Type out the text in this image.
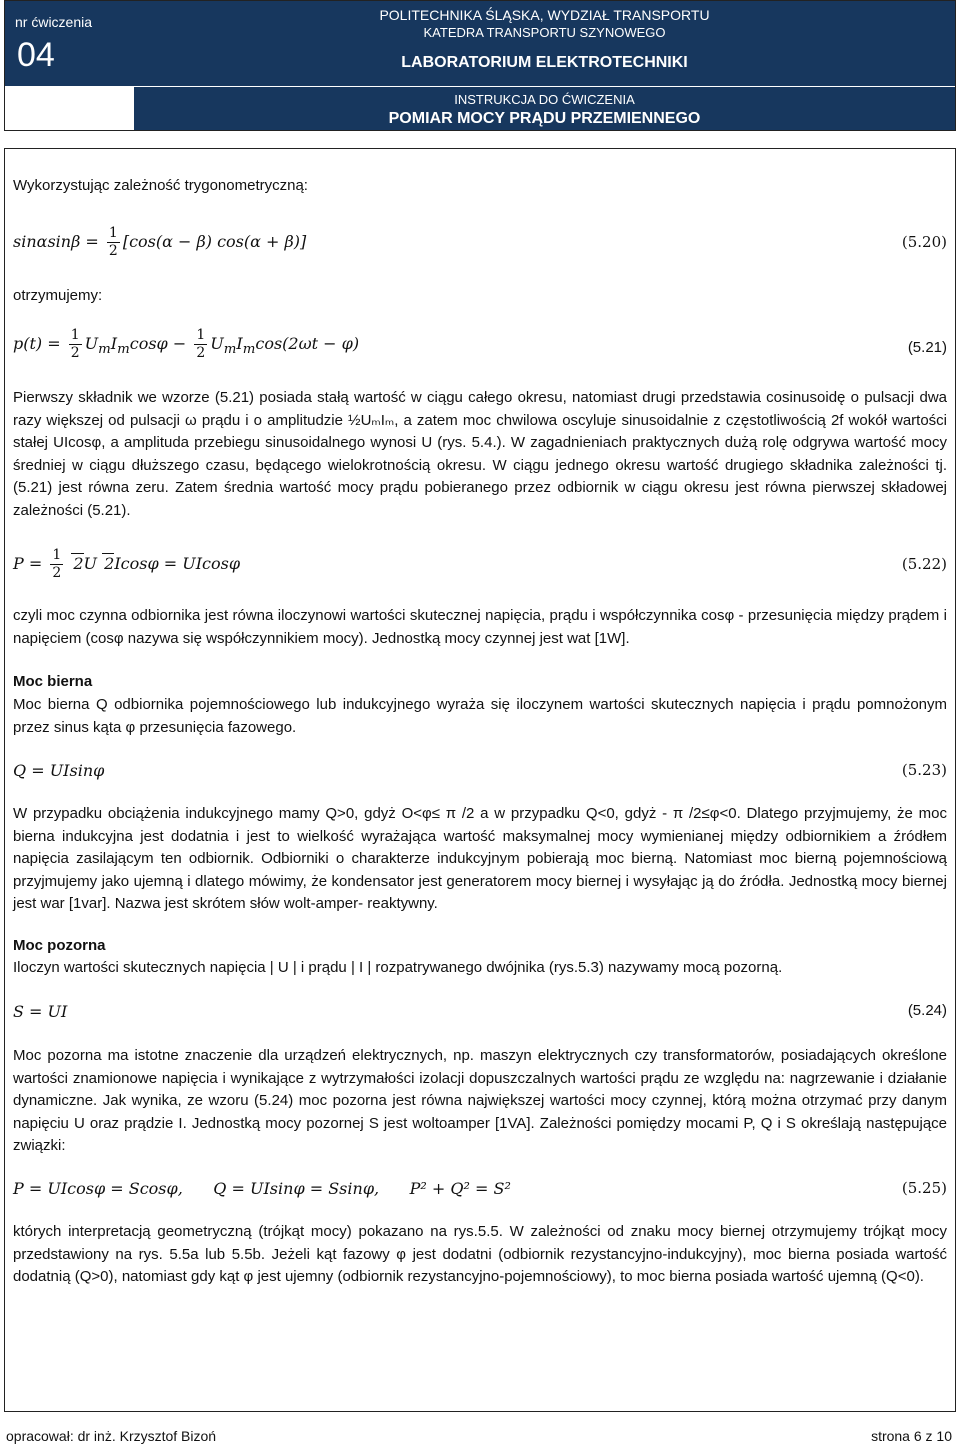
nr ćwiczenia
04
POLITECHNIKA ŚLĄSKA, WYDZIAŁ TRANSPORTU
KATEDRA TRANSPORTU SZYNOWEGO
LABORATORIUM ELEKTROTECHNIKI
INSTRUKCJA DO ĆWICZENIA
POMIAR MOCY PRĄDU PRZEMIENNEGO
Wykorzystując zależność trygonometryczną:
$\sin\alpha\sin\beta = \frac{1}{2} [\cos(\alpha - \beta) \cos(\alpha + \beta)]$	(5.20)
otrzymujemy:
$p(t) = \frac{1}{2} U_mI_m\cos\varphi - \frac{1}{2} U_mI_m\cos(2\omega t - \varphi)$	(5.21)
Pierwszy składnik we wzorze (5.21) posiada stałą wartość w ciągu całego okresu, natomiast drugi przedstawia cosinusoidę o pulsacji dwa razy większej od pulsacji ω prądu i o amplitudzie ½UₘIₘ, a zatem moc chwilowa oscyluje sinusoidalnie z częstotliwością 2f wokół wartości stałej UIcosφ, a amplituda przebiegu sinusoidalnego wynosi U (rys. 5.4.). W zagadnieniach praktycznych dużą rolę odgrywa wartość mocy średniej w ciągu dłuższego czasu, będącego wielokrotnością okresu. W ciągu jednego okresu wartość drugiego składnika zależności tj. (5.21) jest równa zeru. Zatem średnia wartość mocy prądu pobieranego przez odbiornik w ciągu okresu jest równa pierwszej składowej zależności (5.21).
$P = \frac{1}{2} 2U$ 2Icosφ = UIcosφ	(5.22)
czyli moc czynna odbiornika jest równa iloczynowi wartości skutecznej napięcia, prądu i współczynnika cosφ - przesunięcia między prądem i napięciem (cosφ nazywa się współczynnikiem mocy). Jednostką mocy czynnej jest wat [1W].
Moc bierna
Moc bierna Q odbiornika pojemnościowego lub indukcyjnego wyraża się iloczynem wartości skutecznych napięcia i prądu pomnożonym przez sinus kąta φ przesunięcia fazowego.
Q = UIsinφ	(5.23)
W przypadku obciążenia indukcyjnego mamy Q>0, gdyż O<φ≤ π /2 a w przypadku Q<0, gdyż - π /2≤φ<0. Dlatego przyjmujemy, że moc bierna indukcyjna jest dodatnia i jest to wielkość wyrażająca wartość maksymalnej mocy wymienianej między odbiornikiem a źródłem napięcia zasilającym ten odbiornik. Odbiorniki o charakterze indukcyjnym pobierają moc bierną. Natomiast moc bierną pojemnościową przyjmujemy jako ujemną i dlatego mówimy, że kondensator jest generatorem mocy biernej i wysyłając ją do źródła. Jednostką mocy biernej jest war [1var]. Nazwa jest skrótem słów wolt-amper- reaktywny.
Moc pozorna
Iloczyn wartości skutecznych napięcia | U | i prądu | I | rozpatrywanego dwójnika (rys.5.3) nazywamy mocą pozorną.
S = UI	(5.24)
Moc pozorna ma istotne znaczenie dla urządzeń elektrycznych, np. maszyn elektrycznych czy transformatorów, posiadających określone wartości znamionowe napięcia i wynikające z wytrzymałości izolacji dopuszczalnych wartości prądu ze względu na: nagrzewanie i działanie dynamiczne. Jak wynika, ze wzoru (5.24) moc pozorna jest równa największej wartości mocy czynnej, którą można otrzymać przy danym napięciu U oraz prądzie I. Jednostką mocy pozornej S jest woltoamper [1VA]. Zależności pomiędzy mocami P, Q i S określają następujące związki:
P = UIcosφ = Scosφ,      Q = UIsinφ = Ssinφ,      P² + Q² = S²	(5.25)
których interpretacją geometryczną (trójkąt mocy) pokazano na rys.5.5. W zależności od znaku mocy biernej otrzymujemy trójkąt mocy przedstawiony na rys. 5.5a lub 5.5b. Jeżeli kąt fazowy φ jest dodatni (odbiornik rezystancyjno-indukcyjny), moc bierna posiada wartość dodatnią (Q>0), natomiast gdy kąt φ jest ujemny (odbiornik rezystancyjno-pojemnościowy), to moc bierna posiada wartość ujemną (Q<0).
opracował: dr inż. Krzysztof Bizoń	strona 6 z 10
